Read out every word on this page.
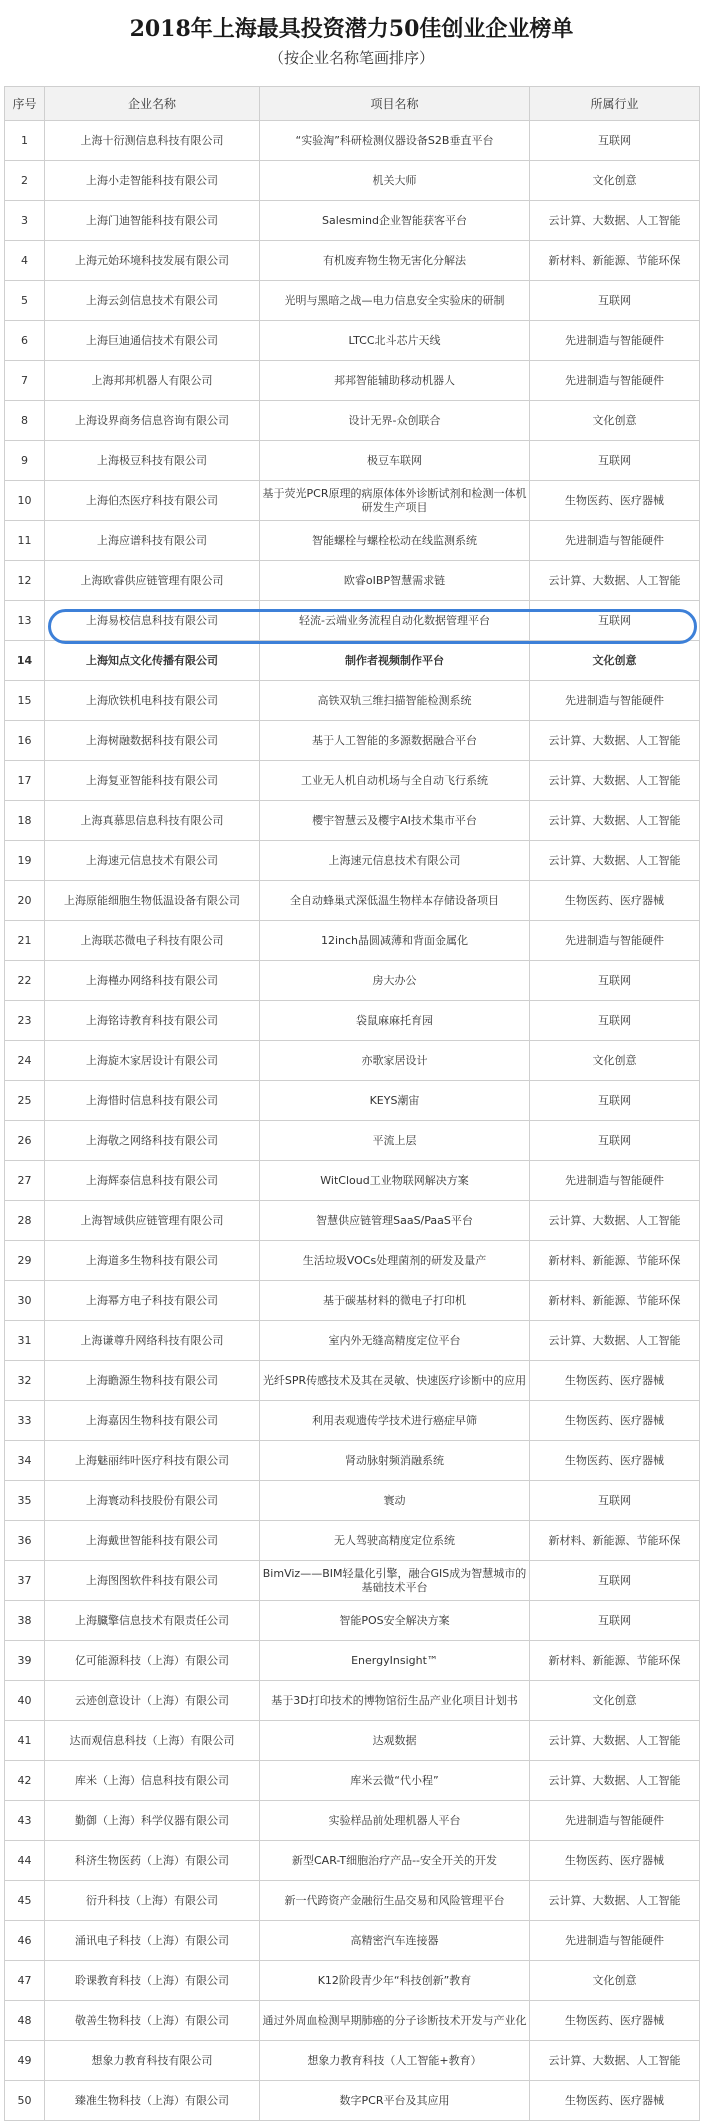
2018年上海最具投资潜力50佳创业企业榜单

（按企业名称笔画排序）

序号	企业名称	项目名称	所属行业
1	上海十衍测信息科技有限公司	“实验淘”科研检测仪器设备S2B垂直平台	互联网
2	上海小走智能科技有限公司	机关大师	文化创意
3	上海门迪智能科技有限公司	Salesmind企业智能获客平台	云计算、大数据、人工智能
4	上海元始环境科技发展有限公司	有机废弃物生物无害化分解法	新材料、新能源、节能环保
5	上海云剑信息技术有限公司	光明与黑暗之战—电力信息安全实验床的研制	互联网
6	上海巨迪通信技术有限公司	LTCC北斗芯片天线	先进制造与智能硬件
7	上海邦邦机器人有限公司	邦邦智能辅助移动机器人	先进制造与智能硬件
8	上海设界商务信息咨询有限公司	设计无界-众创联合	文化创意
9	上海极豆科技有限公司	极豆车联网	互联网
10	上海伯杰医疗科技有限公司	基于荧光PCR原理的病原体体外诊断试剂和检测一体机研发生产项目	生物医药、医疗器械
11	上海应谱科技有限公司	智能螺栓与螺栓松动在线监测系统	先进制造与智能硬件
12	上海欧睿供应链管理有限公司	欧睿oIBP智慧需求链	云计算、大数据、人工智能
13	上海易校信息科技有限公司	轻流-云端业务流程自动化数据管理平台	互联网
14	上海知点文化传播有限公司	制作者视频制作平台	文化创意
15	上海欣铁机电科技有限公司	高铁双轨三维扫描智能检测系统	先进制造与智能硬件
16	上海树融数据科技有限公司	基于人工智能的多源数据融合平台	云计算、大数据、人工智能
17	上海复亚智能科技有限公司	工业无人机自动机场与全自动飞行系统	云计算、大数据、人工智能
18	上海真慕思信息科技有限公司	樱宇智慧云及樱宇AI技术集市平台	云计算、大数据、人工智能
19	上海速元信息技术有限公司	上海速元信息技术有限公司	云计算、大数据、人工智能
20	上海原能细胞生物低温设备有限公司	全自动蜂巢式深低温生物样本存储设备项目	生物医药、医疗器械
21	上海联芯微电子科技有限公司	12inch晶圆减薄和背面金属化	先进制造与智能硬件
22	上海槿办网络科技有限公司	房大办公	互联网
23	上海铭诗教育科技有限公司	袋鼠麻麻托育园	互联网
24	上海旋木家居设计有限公司	亦歌家居设计	文化创意
25	上海惜时信息科技有限公司	KEYS潮宙	互联网
26	上海敬之网络科技有限公司	平流上层	互联网
27	上海辉泰信息科技有限公司	WitCloud工业物联网解决方案	先进制造与智能硬件
28	上海智域供应链管理有限公司	智慧供应链管理SaaS/PaaS平台	云计算、大数据、人工智能
29	上海道多生物科技有限公司	生活垃圾VOCs处理菌剂的研发及量产	新材料、新能源、节能环保
30	上海幂方电子科技有限公司	基于碳基材料的微电子打印机	新材料、新能源、节能环保
31	上海谦尊升网络科技有限公司	室内外无缝高精度定位平台	云计算、大数据、人工智能
32	上海瞻源生物科技有限公司	光纤SPR传感技术及其在灵敏、快速医疗诊断中的应用	生物医药、医疗器械
33	上海嘉因生物科技有限公司	利用表观遗传学技术进行癌症早筛	生物医药、医疗器械
34	上海魅丽纬叶医疗科技有限公司	肾动脉射频消融系统	生物医药、医疗器械
35	上海寰动科技股份有限公司	寰动	互联网
36	上海戴世智能科技有限公司	无人驾驶高精度定位系统	新材料、新能源、节能环保
37	上海图图软件科技有限公司	BimViz——BIM轻量化引擎，融合GIS成为智慧城市的基础技术平台	互联网
38	上海臓擎信息技术有限责任公司	智能POS安全解决方案	互联网
39	亿可能源科技（上海）有限公司	EnergyInsight™	新材料、新能源、节能环保
40	云迹创意设计（上海）有限公司	基于3D打印技术的博物馆衍生品产业化项目计划书	文化创意
41	达而观信息科技（上海）有限公司	达观数据	云计算、大数据、人工智能
42	库米（上海）信息科技有限公司	库米云微“代小程”	云计算、大数据、人工智能
43	勤御（上海）科学仪器有限公司	实验样品前处理机器人平台	先进制造与智能硬件
44	科济生物医药（上海）有限公司	新型CAR-T细胞治疗产品--安全开关的开发	生物医药、医疗器械
45	衍升科技（上海）有限公司	新一代跨资产金融衍生品交易和风险管理平台	云计算、大数据、人工智能
46	涌讯电子科技（上海）有限公司	高精密汽车连接器	先进制造与智能硬件
47	聆课教育科技（上海）有限公司	K12阶段青少年“科技创新”教育	文化创意
48	敬善生物科技（上海）有限公司	通过外周血检测早期肺癌的分子诊断技术开发与产业化	生物医药、医疗器械
49	想象力教育科技有限公司	想象力教育科技（人工智能+教育）	云计算、大数据、人工智能
50	臻准生物科技（上海）有限公司	数字PCR平台及其应用	生物医药、医疗器械
